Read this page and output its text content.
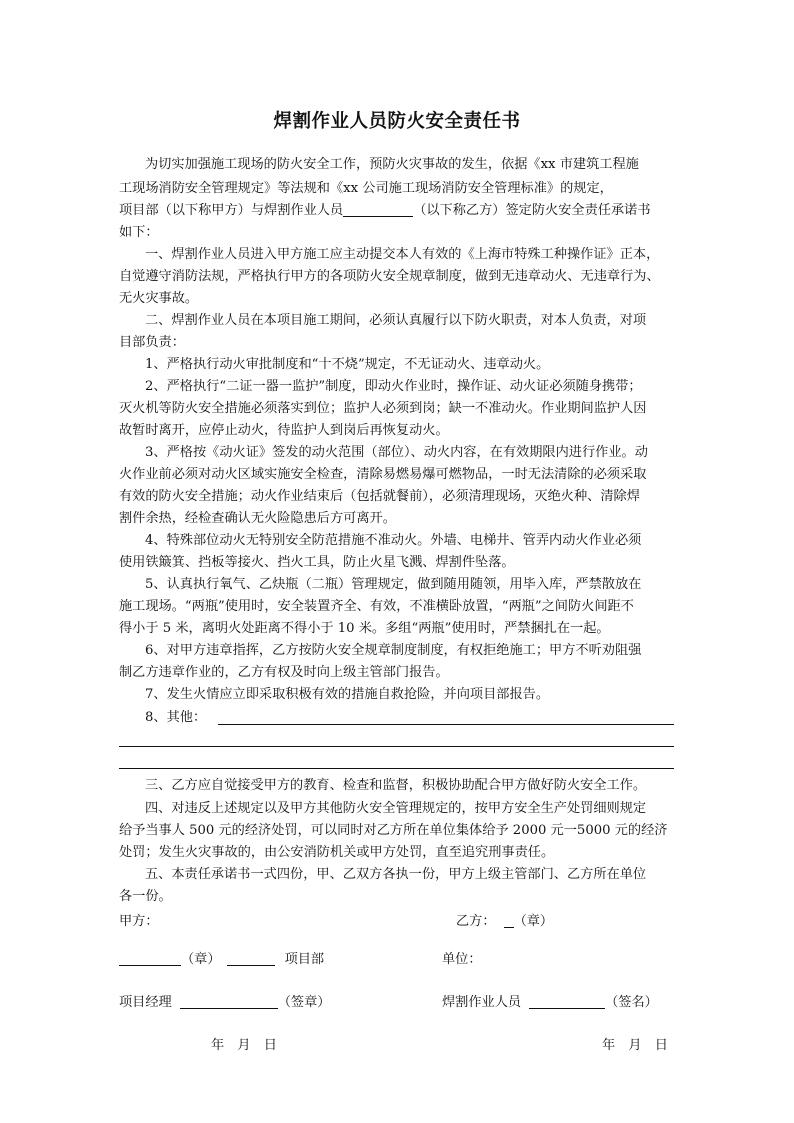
焊割作业人员防火安全责任书
为切实加强施工现场的防火安全工作，预防火灾事故的发生，依据《xx 市建筑工程施
工现场消防安全管理规定》等法规和《xx 公司施工现场消防安全管理标准》的规定，
项目部（以下称甲方）与焊割作业人员	（以下称乙方）签定防火安全责任承诺书
如下：
一、焊割作业人员进入甲方施工应主动提交本人有效的《上海市特殊工种操作证》正本，
自觉遵守消防法规，严格执行甲方的各项防火安全规章制度，做到无违章动火、无违章行为、
无火灾事故。
二、焊割作业人员在本项目施工期间，必须认真履行以下防火职责，对本人负责，对项
目部负责：
1、严格执行动火审批制度和“十不烧”规定，不无证动火、违章动火。
2、严格执行“二证一器一监护”制度，即动火作业时，操作证、动火证必须随身携带；
灭火机等防火安全措施必须落实到位；监护人必须到岗；缺一不准动火。作业期间监护人因
故暂时离开，应停止动火，待监护人到岗后再恢复动火。
3、严格按《动火证》签发的动火范围（部位）、动火内容，在有效期限内进行作业。动
火作业前必须对动火区域实施安全检查，清除易燃易爆可燃物品，一时无法清除的必须采取
有效的防火安全措施；动火作业结束后（包括就餐前），必须清理现场，灭绝火种、清除焊
割件余热，经检查确认无火险隐患后方可离开。
4、特殊部位动火无特别安全防范措施不准动火。外墙、电梯井、管弄内动火作业必须
使用铁簸箕、挡板等接火、挡火工具，防止火星飞溅、焊割件坠落。
5、认真执行氧气、乙炔瓶（二瓶）管理规定，做到随用随领，用毕入库，严禁散放在
施工现场。“两瓶”使用时，安全装置齐全、有效，不准横卧放置，“两瓶”之间防火间距不
得小于 5 米，离明火处距离不得小于 10 米。多组“两瓶”使用时，严禁捆扎在一起。
6、对甲方违章指挥，乙方按防火安全规章制度制度，有权拒绝施工；甲方不听劝阻强
制乙方违章作业的，乙方有权及时向上级主管部门报告。
7、发生火情应立即采取积极有效的措施自救抢险，并向项目部报告。
8、其他：
三、乙方应自觉接受甲方的教育、检查和监督，积极协助配合甲方做好防火安全工作。
四、对违反上述规定以及甲方其他防火安全管理规定的，按甲方安全生产处罚细则规定
给予当事人 500 元的经济处罚，可以同时对乙方所在单位集体给予 2000 元一5000 元的经济
处罚；发生火灾事故的，由公安消防机关或甲方处罚，直至追究刑事责任。
五、本责任承诺书一式四份，甲、乙双方各执一份，甲方上级主管部门、乙方所在单位
各一份。
甲方：	乙方： （章）
（章）	项目部	单位：
项目经理	（签章）	焊割作业人员	（签名）
年　月　日	年　月　日
